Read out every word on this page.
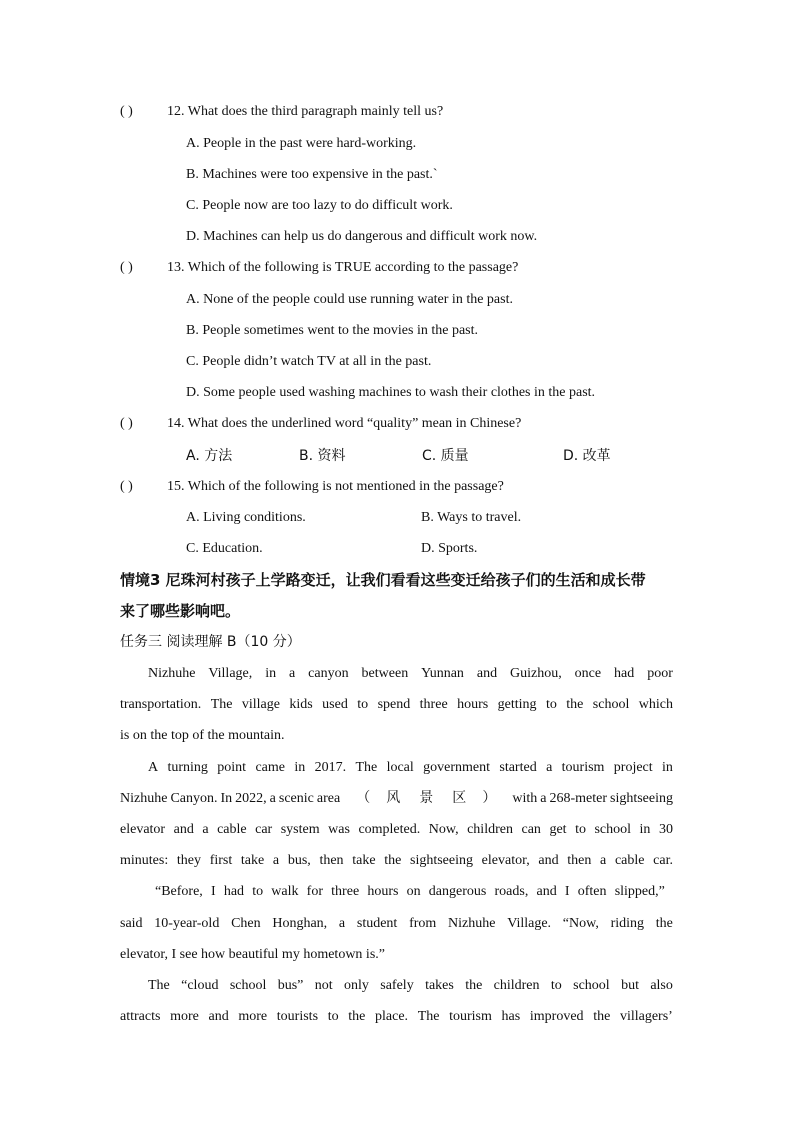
( ) 12. What does the third paragraph mainly tell us?
A. People in the past were hard-working.
B. Machines were too expensive in the past.`
C. People now are too lazy to do difficult work.
D. Machines can help us do dangerous and difficult work now.
( ) 13. Which of the following is TRUE according to the passage?
A. None of the people could use running water in the past.
B. People sometimes went to the movies in the past.
C. People didn’t watch TV at all in the past.
D. Some people used washing machines to wash their clothes in the past.
( ) 14. What does the underlined word “quality” mean in Chinese?
A. 方法	B. 资料	C. 质量	D. 改革
( ) 15. Which of the following is not mentioned in the passage?
A. Living conditions.	B. Ways to travel.
C. Education.	D. Sports.
情境3 尼珠河村孩子上学路变迁，让我们看看这些变迁给孩子们的生活和成长带
来了哪些影响吧。
任务三 阅读理解 B（10 分）
Nizhuhe Village, in a canyon between Yunnan and Guizhou, once had poor
transportation. The village kids used to spend three hours getting to the school which
is on the top of the mountain.
A turning point came in 2017. The local government started a tourism project in
Nizhuhe Canyon. In 2022, a scenic area（风 景 区）with a 268-meter sightseeing
elevator and a cable car system was completed. Now, children can get to school in 30
minutes: they first take a bus, then take the sightseeing elevator, and then a cable car.
“Before, I had to walk for three hours on dangerous roads, and I often slipped,”
said 10-year-old Chen Honghan, a student from Nizhuhe Village. “Now, riding the
elevator, I see how beautiful my hometown is.”
The “cloud school bus” not only safely takes the children to school but also
attracts more and more tourists to the place. The tourism has improved the villagers’
